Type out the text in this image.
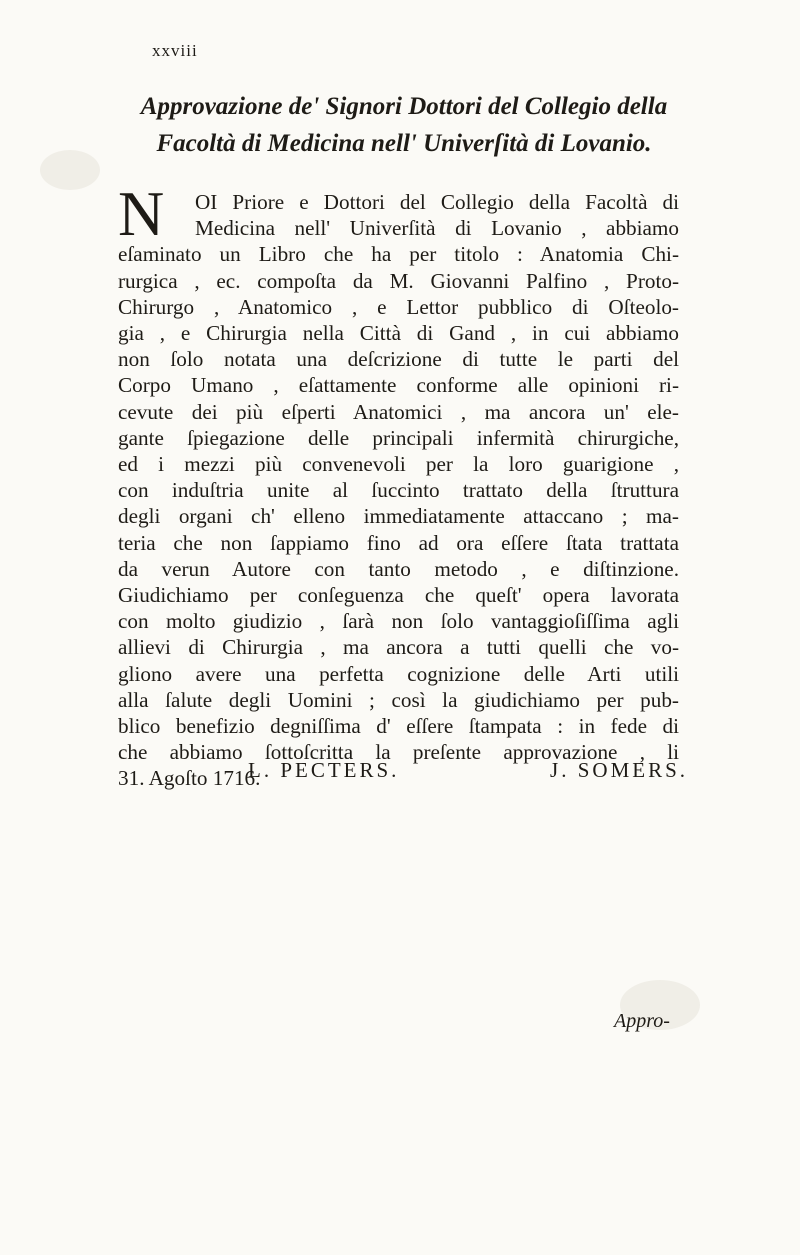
xxviii
Approvazione de' Signori Dottori del Collegio della
Facoltà di Medicina nell' Univerſità di Lovanio.
N	OI Priore e Dottori del Collegio della Facoltà di
Medicina nell' Univerſità di Lovanio , abbiamo
eſaminato un Libro che ha per titolo : Anatomia Chi-
rurgica , ec. compoſta da M. Giovanni Palfino , Proto-
Chirurgo , Anatomico , e Lettor pubblico di Oſteolo-
gia , e Chirurgia nella Città di Gand , in cui abbiamo
non ſolo notata una deſcrizione di tutte le parti del
Corpo Umano , eſattamente conforme alle opinioni ri-
cevute dei più eſperti Anatomici , ma ancora un' ele-
gante ſpiegazione delle principali infermità chirurgiche,
ed i mezzi più convenevoli per la loro guarigione ,
con induſtria unite al ſuccinto trattato della ſtruttura
degli organi ch' elleno immediatamente attaccano ; ma-
teria che non ſappiamo fino ad ora eſſere ſtata trattata
da verun Autore con tanto metodo , e diſtinzione.
Giudichiamo per conſeguenza che queſt' opera lavorata
con molto giudizio , ſarà non ſolo vantaggioſiſſima agli
allievi di Chirurgia , ma ancora a tutti quelli che vo-
gliono avere una perfetta cognizione delle Arti utili
alla ſalute degli Uomini ; così la giudichiamo per pub-
blico benefizio degniſſima d' eſſere ſtampata : in fede di
che abbiamo ſottoſcritta la preſente approvazione , li
31. Agoſto 1716.
L. PECTERS.	J. SOMERS.
Appro-
